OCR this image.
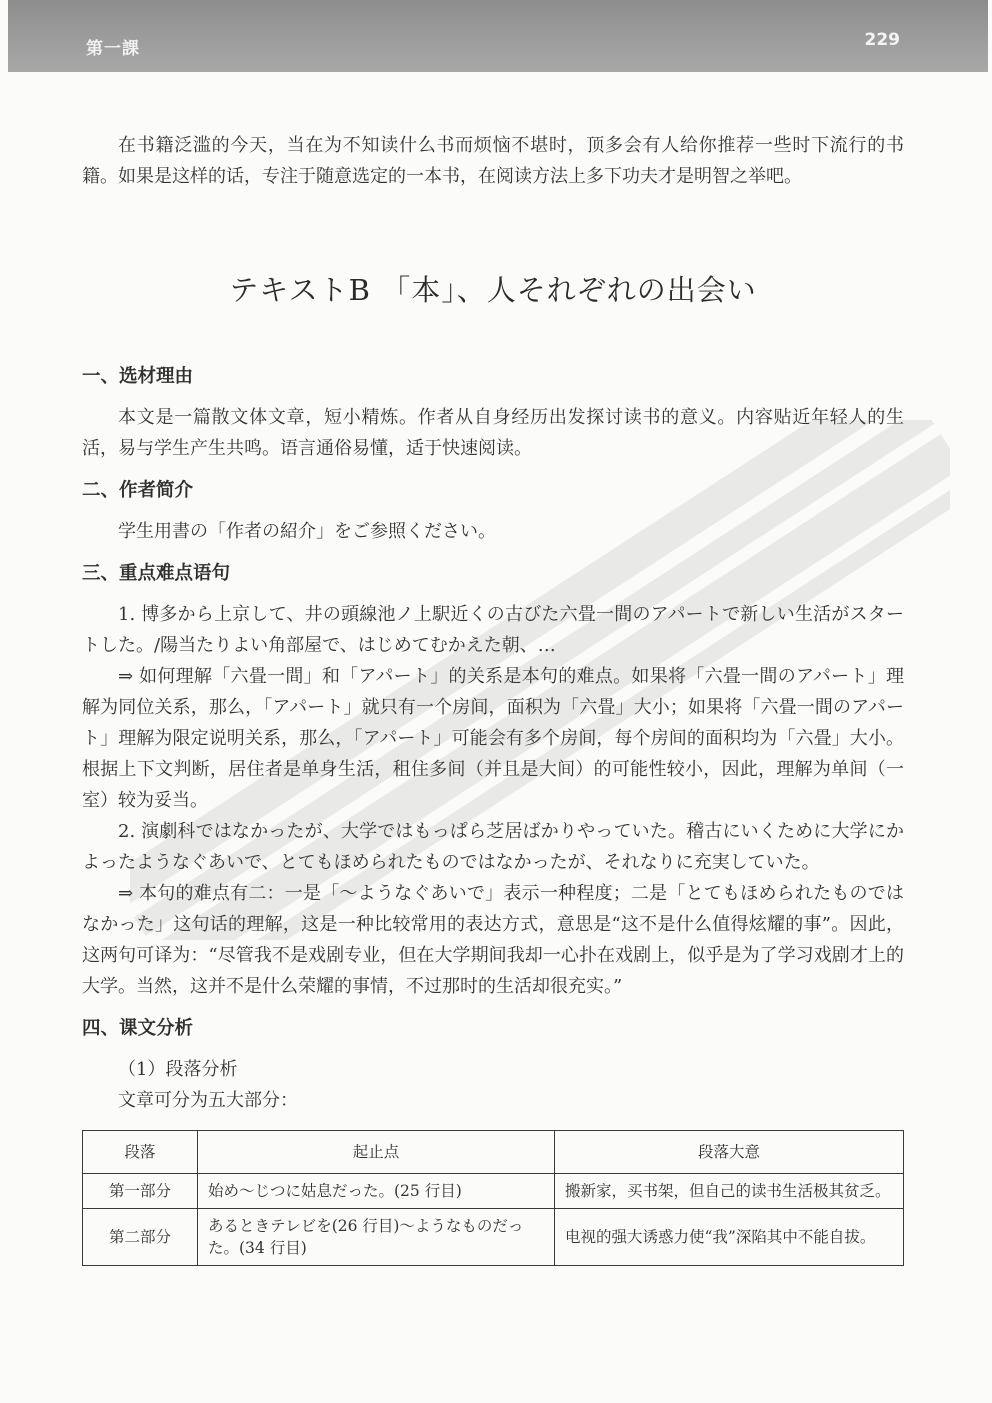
第一課	229

在书籍泛滥的今天，当在为不知读什么书而烦恼不堪时，顶多会有人给你推荐一些时下流行的书籍。如果是这样的话，专注于随意选定的一本书，在阅读方法上多下功夫才是明智之举吧。

テキストB 「本」、人それぞれの出会い
一、选材理由

本文是一篇散文体文章，短小精炼。作者从自身经历出发探讨读书的意义。内容贴近年轻人的生活，易与学生产生共鸣。语言通俗易懂，适于快速阅读。

二、作者简介

学生用書の「作者の紹介」をご参照ください。

三、重点难点语句

1. 博多から上京して、井の頭線池ノ上駅近くの古びた六畳一間のアパートで新しい生活がスタートした。/陽当たりよい角部屋で、はじめてむかえた朝、…

⇒ 如何理解「六畳一間」和「アパート」的关系是本句的难点。如果将「六畳一間のアパート」理解为同位关系，那么，「アパート」就只有一个房间，面积为「六畳」大小；如果将「六畳一間のアパート」理解为限定说明关系，那么，「アパート」可能会有多个房间，每个房间的面积均为「六畳」大小。根据上下文判断，居住者是单身生活，租住多间（并且是大间）的可能性较小，因此，理解为单间（一室）较为妥当。

2. 演劇科ではなかったが、大学ではもっぱら芝居ばかりやっていた。稽古にいくために大学にかよったようなぐあいで、とてもほめられたものではなかったが、それなりに充実していた。

⇒ 本句的难点有二：一是「～ようなぐあいで」表示一种程度；二是「とてもほめられたものではなかった」这句话的理解，这是一种比较常用的表达方式，意思是“这不是什么值得炫耀的事”。因此，这两句可译为：“尽管我不是戏剧专业，但在大学期间我却一心扑在戏剧上，似乎是为了学习戏剧才上的大学。当然，这并不是什么荣耀的事情，不过那时的生活却很充实。”

四、课文分析
（1）段落分析
文章可分为五大部分：
段落	起止点	段落大意
第一部分	始め～じつに姑息だった。(25 行目)	搬新家，买书架，但自己的读书生活极其贫乏。
第二部分	あるときテレビを(26 行目)～ようなものだった。(34 行目)	电视的强大诱惑力使“我”深陷其中不能自拔。
